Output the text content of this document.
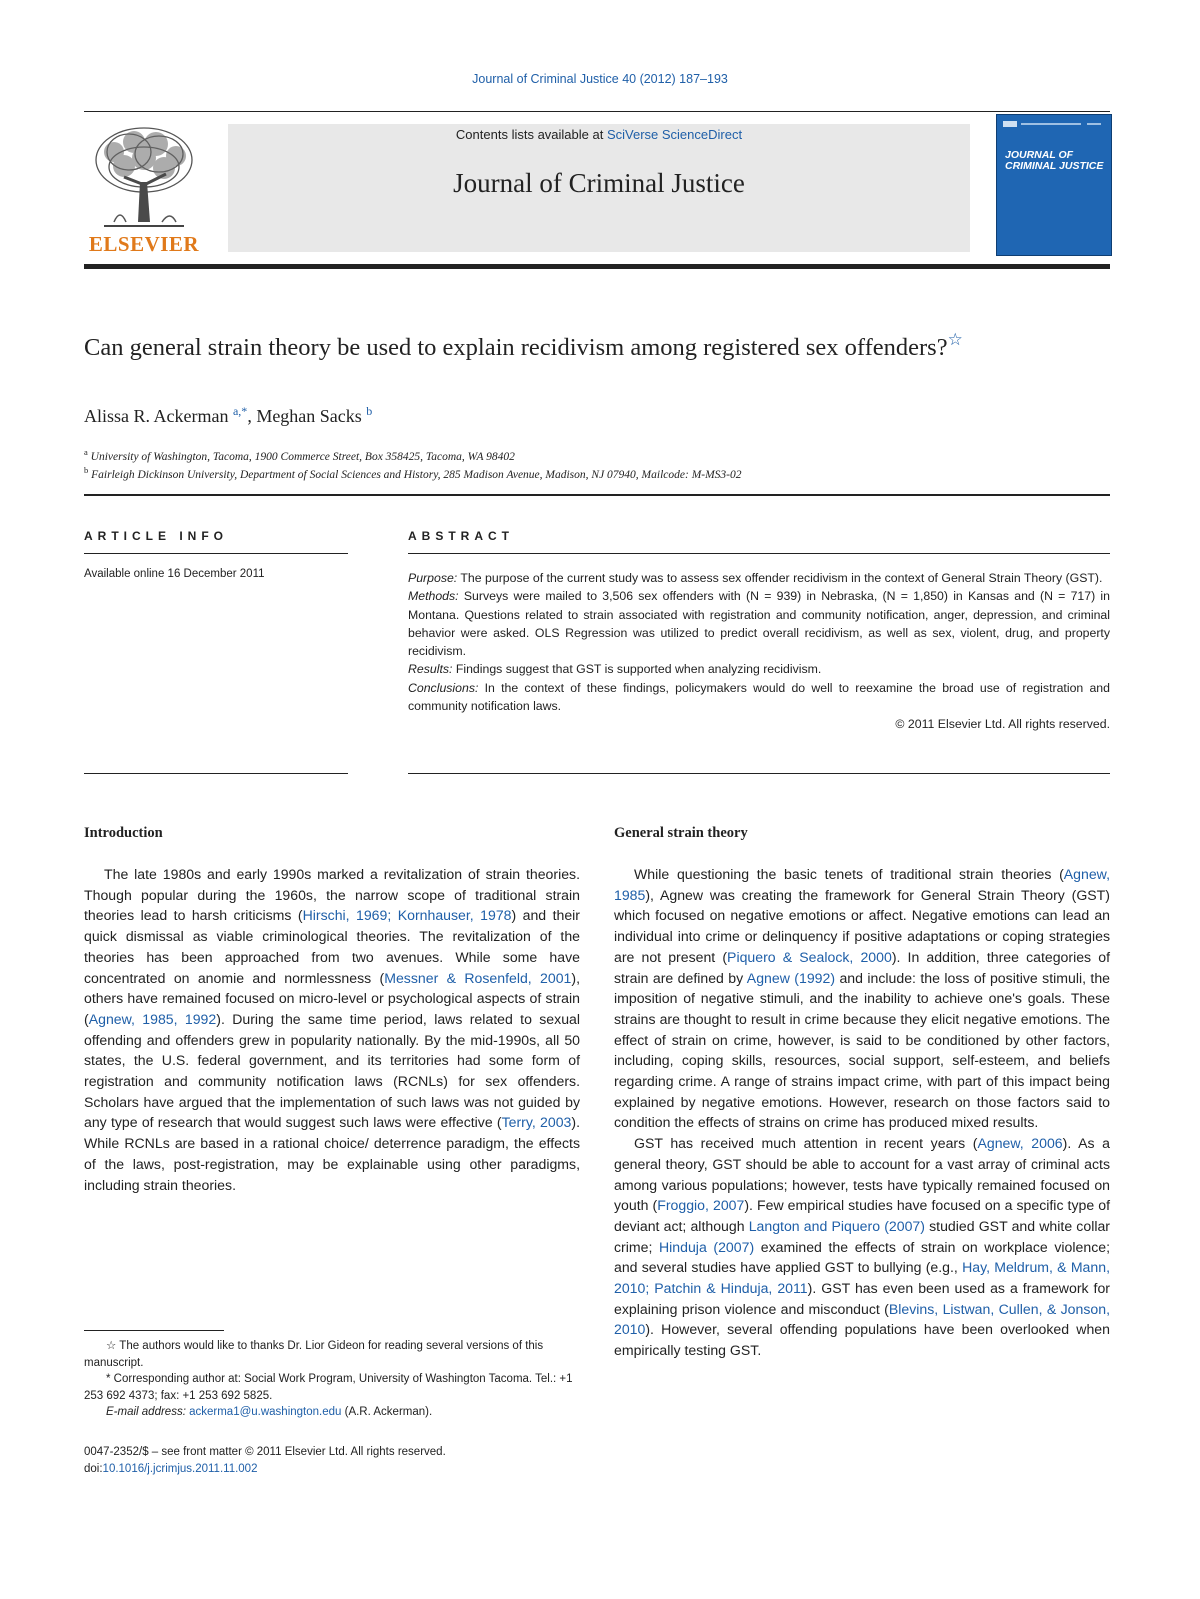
Journal of Criminal Justice 40 (2012) 187–193
ELSEVIER
Contents lists available at SciVerse ScienceDirect
Journal of Criminal Justice
JOURNAL OF CRIMINAL JUSTICE
Can general strain theory be used to explain recidivism among registered sex offenders?☆
Alissa R. Ackerman $^{a,*}$, Meghan Sacks $^b$
$^a$ University of Washington, Tacoma, 1900 Commerce Street, Box 358425, Tacoma, WA 98402
$^b$ Fairleigh Dickinson University, Department of Social Sciences and History, 285 Madison Avenue, Madison, NJ 07940, Mailcode: M-MS3-02
ARTICLE INFO
Available online 16 December 2011
ABSTRACT

Purpose: The purpose of the current study was to assess sex offender recidivism in the context of General Strain Theory (GST).

Methods: Surveys were mailed to 3,506 sex offenders with (N = 939) in Nebraska, (N = 1,850) in Kansas and (N = 717) in Montana. Questions related to strain associated with registration and community notification, anger, depression, and criminal behavior were asked. OLS Regression was utilized to predict overall recidivism, as well as sex, violent, drug, and property recidivism.

Results: Findings suggest that GST is supported when analyzing recidivism.

Conclusions: In the context of these findings, policymakers would do well to reexamine the broad use of registration and community notification laws.

© 2011 Elsevier Ltd. All rights reserved.

Introduction

The late 1980s and early 1990s marked a revitalization of strain theories. Though popular during the 1960s, the narrow scope of traditional strain theories lead to harsh criticisms (Hirschi, 1969; Kornhauser, 1978) and their quick dismissal as viable criminological theories. The revitalization of the theories has been approached from two avenues. While some have concentrated on anomie and normlessness (Messner & Rosenfeld, 2001), others have remained focused on micro-level or psychological aspects of strain (Agnew, 1985, 1992). During the same time period, laws related to sexual offending and offenders grew in popularity nationally. By the mid-1990s, all 50 states, the U.S. federal government, and its territories had some form of registration and community notification laws (RCNLs) for sex offenders. Scholars have argued that the implementation of such laws was not guided by any type of research that would suggest such laws were effective (Terry, 2003). While RCNLs are based in a rational choice/ deterrence paradigm, the effects of the laws, post-registration, may be explainable using other paradigms, including strain theories.

☆ The authors would like to thanks Dr. Lior Gideon for reading several versions of this manuscript.

* Corresponding author at: Social Work Program, University of Washington Tacoma. Tel.: +1 253 692 4373; fax: +1 253 692 5825.

E-mail address: ackerma1@u.washington.edu (A.R. Ackerman).

0047-2352/$ – see front matter © 2011 Elsevier Ltd. All rights reserved.

doi:10.1016/j.jcrimjus.2011.11.002

General strain theory

While questioning the basic tenets of traditional strain theories (Agnew, 1985), Agnew was creating the framework for General Strain Theory (GST) which focused on negative emotions or affect. Negative emotions can lead an individual into crime or delinquency if positive adaptations or coping strategies are not present (Piquero & Sealock, 2000). In addition, three categories of strain are defined by Agnew (1992) and include: the loss of positive stimuli, the imposition of negative stimuli, and the inability to achieve one's goals. These strains are thought to result in crime because they elicit negative emotions. The effect of strain on crime, however, is said to be conditioned by other factors, including, coping skills, resources, social support, self-esteem, and beliefs regarding crime. A range of strains impact crime, with part of this impact being explained by negative emotions. However, research on those factors said to condition the effects of strains on crime has produced mixed results.

GST has received much attention in recent years (Agnew, 2006). As a general theory, GST should be able to account for a vast array of criminal acts among various populations; however, tests have typically remained focused on youth (Froggio, 2007). Few empirical studies have focused on a specific type of deviant act; although Langton and Piquero (2007) studied GST and white collar crime; Hinduja (2007) examined the effects of strain on workplace violence; and several studies have applied GST to bullying (e.g., Hay, Meldrum, & Mann, 2010; Patchin & Hinduja, 2011). GST has even been used as a framework for explaining prison violence and misconduct (Blevins, Listwan, Cullen, & Jonson, 2010). However, several offending populations have been overlooked when empirically testing GST.
